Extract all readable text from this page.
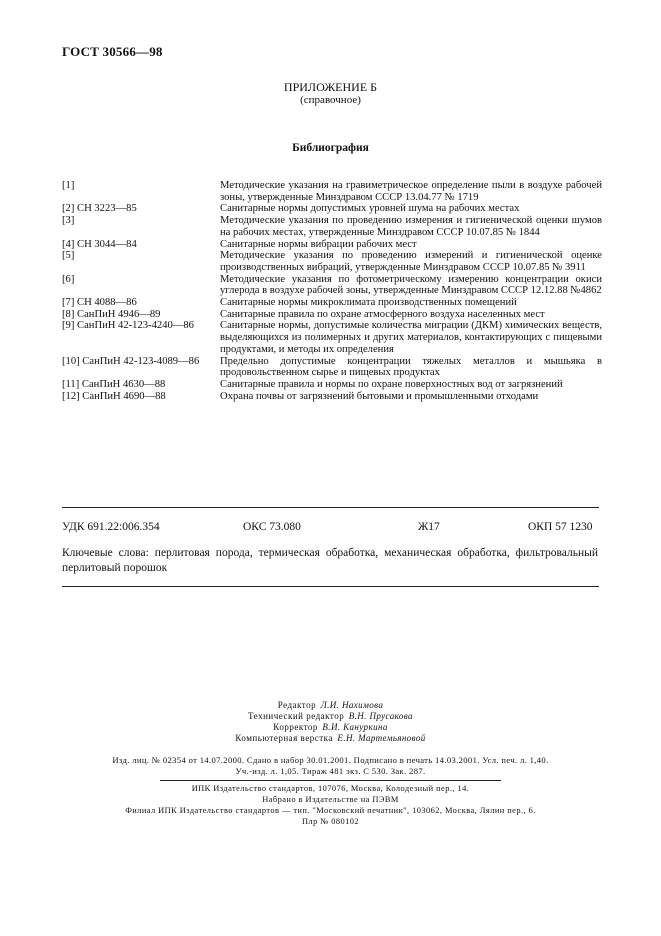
ГОСТ 30566—98
ПРИЛОЖЕНИЕ Б
(справочное)
Библиография
[1]	Методические указания на гравиметрическое определение пыли в воздухе рабочей зоны, утвержденные Минздравом СССР 13.04.77 № 1719
[2] СН 3223—85	Санитарные нормы допустимых уровней шума на рабочих местах
[3]	Методические указания по проведению измерения и гигиенической оценки шумов на рабочих местах, утвержденные Минздравом СССР 10.07.85 № 1844
[4] СН 3044—84	Санитарные нормы вибрации рабочих мест
[5]	Методические указания по проведению измерений и гигиенической оценке производственных вибраций, утвержденные Минздравом СССР 10.07.85 № 3911
[6]	Методические указания по фотометрическому измерению концентрации окиси углерода в воздухе рабочей зоны, утвержденные Минздравом СССР 12.12.88 №4862
[7] СН 4088—86	Санитарные нормы микроклимата производственных помещений
[8] СанПиН 4946—89	Санитарные правила по охране атмосферного воздуха населенных мест
[9] СанПиН 42-123-4240—86	Санитарные нормы, допустимые количества миграции (ДКМ) химических веществ, выделяющихся из полимерных и других материалов, контактирующих с пищевыми продуктами, и методы их определения
[10] СанПиН 42-123-4089—86	Предельно допустимые концентрации тяжелых металлов и мышьяка в продовольственном сырье и пищевых продуктах
[11] СанПиН 4630—88	Санитарные правила и нормы по охране поверхностных вод от загрязнений
[12] СанПиН 4690—88	Охрана почвы от загрязнений бытовыми и промышленными отходами
УДК 691.22:006.354	ОКС 73.080	Ж17	ОКП 57 1230
Ключевые слова: перлитовая порода, термическая обработка, механическая обработка, фильтровальный перлитовый порошок
Редактор Л.И. Нахимова
Технический редактор В.Н. Прусакова
Корректор В.И. Кануркина
Компьютерная верстка Е.Н. Мартемьяновой
Изд. лиц. № 02354 от 14.07.2000. Сдано в набор 30.01.2001. Подписано в печать 14.03.2001. Усл. печ. л. 1,40.
Уч.-изд. л. 1,05. Тираж 481 экз. С 530. Зак. 287.
ИПК Издательство стандартов, 107076, Москва, Колодезный пер., 14.
Набрано в Издательстве на ПЭВМ
Филиал ИПК Издательство стандартов — тип. "Московский печатник", 103062, Москва, Лялин пер., 6.
Плр № 080102
